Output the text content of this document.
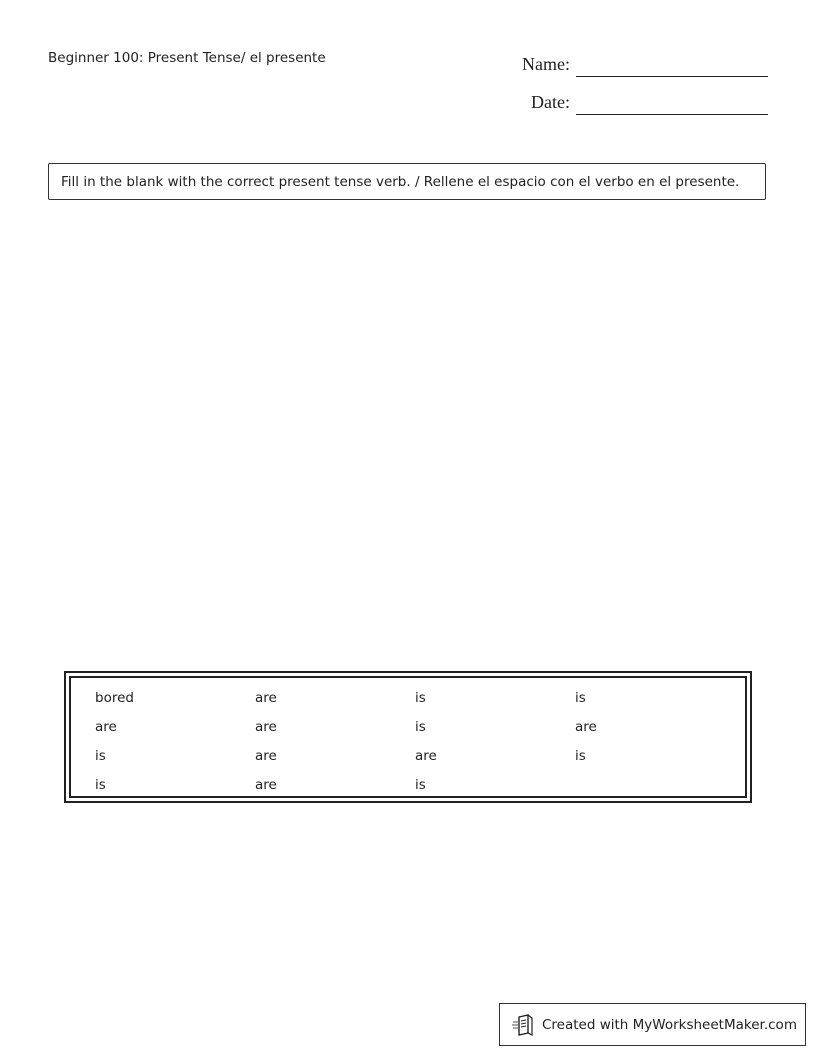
Beginner 100: Present Tense/ el presente	Name:
Date:
Fill in the blank with the correct present tense verb. / Rellene el espacio con el verbo en el presente.
bored	are	is	is
are	are	is	are
is	are	are	is
is	are	is
Created with MyWorksheetMaker.com
